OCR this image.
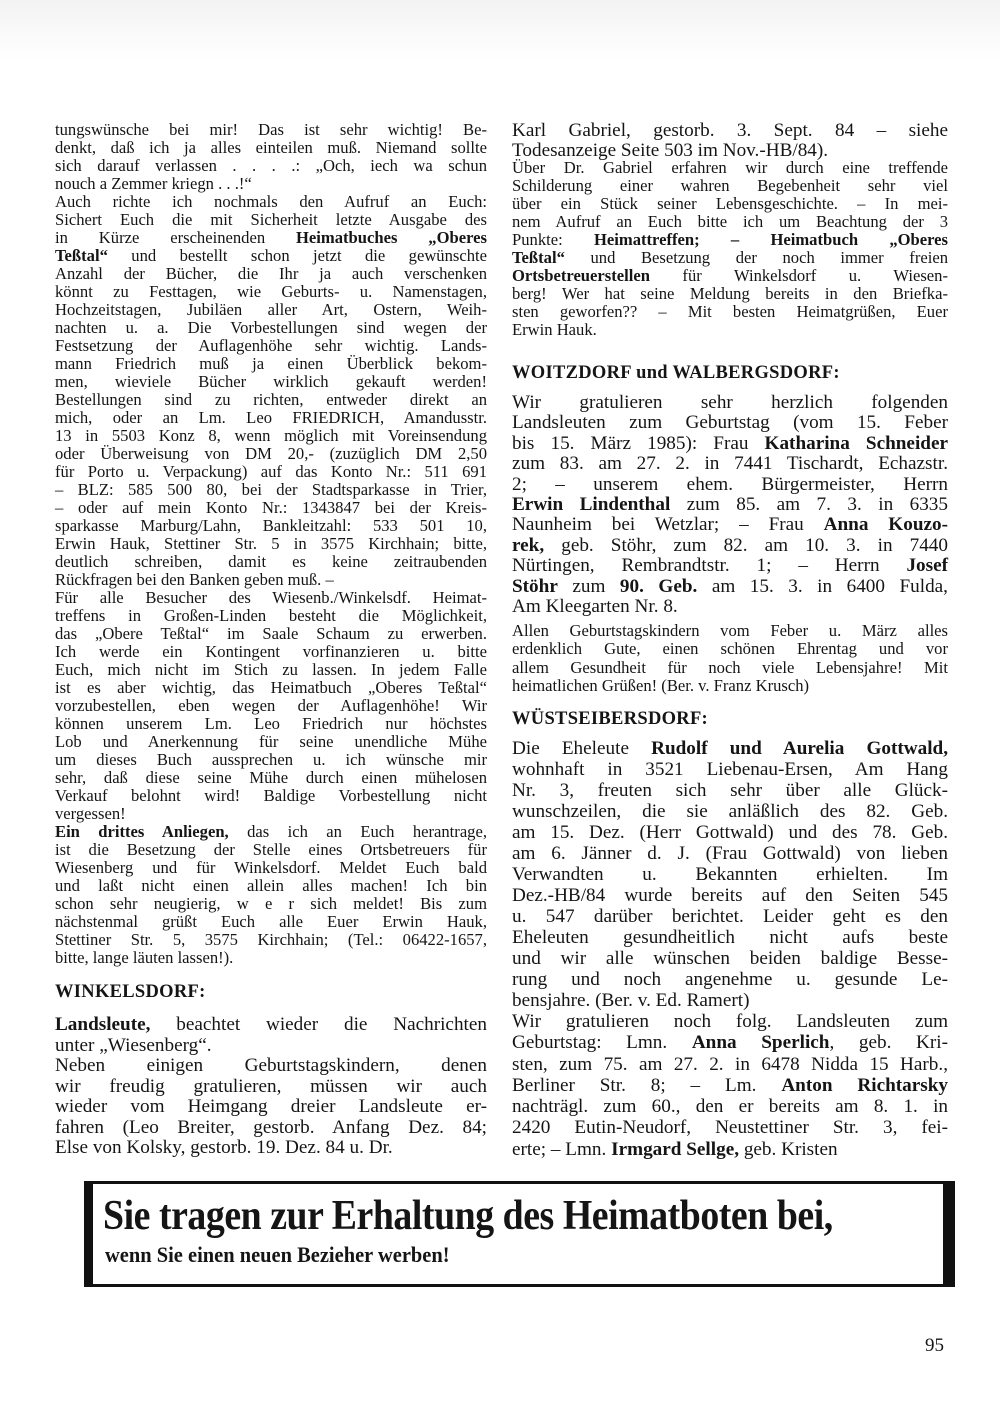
tungswünsche bei mir! Das ist sehr wichtig! Be-
denkt, daß ich ja alles einteilen muß. Niemand sollte
sich darauf verlassen . . . .: „Och, iech wa schun
nouch a Zemmer kriegn . . .!“
Auch richte ich nochmals den Aufruf an Euch:
Sichert Euch die mit Sicherheit letzte Ausgabe des
in Kürze erscheinenden Heimatbuches „Oberes
Teßtal“ und bestellt schon jetzt die gewünschte
Anzahl der Bücher, die Ihr ja auch verschenken
könnt zu Festtagen, wie Geburts- u. Namenstagen,
Hochzeitstagen, Jubiläen aller Art, Ostern, Weih-
nachten u. a. Die Vorbestellungen sind wegen der
Festsetzung der Auflagenhöhe sehr wichtig. Lands-
mann Friedrich muß ja einen Überblick bekom-
men, wieviele Bücher wirklich gekauft werden!
Bestellungen sind zu richten, entweder direkt an
mich, oder an Lm. Leo FRIEDRICH, Amandusstr.
13 in 5503 Konz 8, wenn möglich mit Voreinsendung
oder Überweisung von DM 20,- (zuzüglich DM 2,50
für Porto u. Verpackung) auf das Konto Nr.: 511 691
– BLZ: 585 500 80, bei der Stadtsparkasse in Trier,
– oder auf mein Konto Nr.: 1343847 bei der Kreis-
sparkasse Marburg/Lahn, Bankleitzahl: 533 501 10,
Erwin Hauk, Stettiner Str. 5 in 3575 Kirchhain; bitte,
deutlich schreiben, damit es keine zeitraubenden
Rückfragen bei den Banken geben muß. –
Für alle Besucher des Wiesenb./Winkelsdf. Heimat-
treffens in Großen-Linden besteht die Möglichkeit,
das „Obere Teßtal“ im Saale Schaum zu erwerben.
Ich werde ein Kontingent vorfinanzieren u. bitte
Euch, mich nicht im Stich zu lassen. In jedem Falle
ist es aber wichtig, das Heimatbuch „Oberes Teßtal“
vorzubestellen, eben wegen der Auflagenhöhe! Wir
können unserem Lm. Leo Friedrich nur höchstes
Lob und Anerkennung für seine unendliche Mühe
um dieses Buch aussprechen u. ich wünsche mir
sehr, daß diese seine Mühe durch einen mühelosen
Verkauf belohnt wird! Baldige Vorbestellung nicht
vergessen!
Ein drittes Anliegen, das ich an Euch herantrage,
ist die Besetzung der Stelle eines Ortsbetreuers für
Wiesenberg und für Winkelsdorf. Meldet Euch bald
und laßt nicht einen allein alles machen! Ich bin
schon sehr neugierig, w e r sich meldet! Bis zum
nächstenmal grüßt Euch alle Euer Erwin Hauk,
Stettiner Str. 5, 3575 Kirchhain; (Tel.: 06422-1657,
bitte, lange läuten lassen!).
WINKELSDORF:
Landsleute, beachtet wieder die Nachrichten
unter „Wiesenberg“.
Neben einigen Geburtstagskindern, denen
wir freudig gratulieren, müssen wir auch
wieder vom Heimgang dreier Landsleute er-
fahren (Leo Breiter, gestorb. Anfang Dez. 84;
Else von Kolsky, gestorb. 19. Dez. 84 u. Dr.
Karl Gabriel, gestorb. 3. Sept. 84 – siehe
Todesanzeige Seite 503 im Nov.-HB/84).
Über Dr. Gabriel erfahren wir durch eine treffende
Schilderung einer wahren Begebenheit sehr viel
über ein Stück seiner Lebensgeschichte. – In mei-
nem Aufruf an Euch bitte ich um Beachtung der 3
Punkte: Heimattreffen; – Heimatbuch „Oberes
Teßtal“ und Besetzung der noch immer freien
Ortsbetreuerstellen für Winkelsdorf u. Wiesen-
berg! Wer hat seine Meldung bereits in den Briefka-
sten geworfen?? – Mit besten Heimatgrüßen, Euer
Erwin Hauk.
WOITZDORF und WALBERGSDORF:
Wir gratulieren sehr herzlich folgenden
Landsleuten zum Geburtstag (vom 15. Feber
bis 15. März 1985): Frau Katharina Schneider
zum 83. am 27. 2. in 7441 Tischardt, Echazstr.
2; – unserem ehem. Bürgermeister, Herrn
Erwin Lindenthal zum 85. am 7. 3. in 6335
Naunheim bei Wetzlar; – Frau Anna Kouzo-
rek, geb. Stöhr, zum 82. am 10. 3. in 7440
Nürtingen, Rembrandtstr. 1; – Herrn Josef
Stöhr zum 90. Geb. am 15. 3. in 6400 Fulda,
Am Kleegarten Nr. 8.
Allen Geburtstagskindern vom Feber u. März alles
erdenklich Gute, einen schönen Ehrentag und vor
allem Gesundheit für noch viele Lebensjahre! Mit
heimatlichen Grüßen! (Ber. v. Franz Krusch)
WÜSTSEIBERSDORF:
Die Eheleute Rudolf und Aurelia Gottwald,
wohnhaft in 3521 Liebenau-Ersen, Am Hang
Nr. 3, freuten sich sehr über alle Glück-
wunschzeilen, die sie anläßlich des 82. Geb.
am 15. Dez. (Herr Gottwald) und des 78. Geb.
am 6. Jänner d. J. (Frau Gottwald) von lieben
Verwandten u. Bekannten erhielten. Im
Dez.-HB/84 wurde bereits auf den Seiten 545
u. 547 darüber berichtet. Leider geht es den
Eheleuten gesundheitlich nicht aufs beste
und wir alle wünschen beiden baldige Besse-
rung und noch angenehme u. gesunde Le-
bensjahre. (Ber. v. Ed. Ramert)
Wir gratulieren noch folg. Landsleuten zum
Geburtstag: Lmn. Anna Sperlich, geb. Kri-
sten, zum 75. am 27. 2. in 6478 Nidda 15 Harb.,
Berliner Str. 8; – Lm. Anton Richtarsky
nachträgl. zum 60., den er bereits am 8. 1. in
2420 Eutin-Neudorf, Neustettiner Str. 3, fei-
erte; – Lmn. Irmgard Sellge, geb. Kristen
Sie tragen zur Erhaltung des Heimatboten bei,
wenn Sie einen neuen Bezieher werben!
95
